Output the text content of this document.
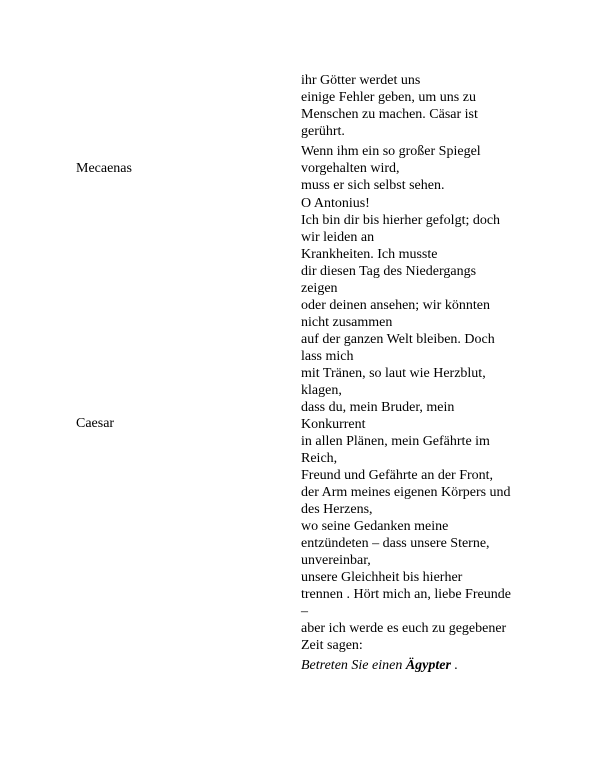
ihr Götter werdet uns
einige Fehler geben, um uns zu
Menschen zu machen. Cäsar ist
gerührt.
Mecaenas
Wenn ihm ein so großer Spiegel
vorgehalten wird,
muss er sich selbst sehen.
Caesar
O Antonius!
Ich bin dir bis hierher gefolgt; doch
wir leiden an
Krankheiten. Ich musste
dir diesen Tag des Niedergangs
zeigen
oder deinen ansehen; wir könnten
nicht zusammen
auf der ganzen Welt bleiben. Doch
lass mich
mit Tränen, so laut wie Herzblut,
klagen,
dass du, mein Bruder, mein
Konkurrent
in allen Plänen, mein Gefährte im
Reich,
Freund und Gefährte an der Front,
der Arm meines eigenen Körpers und
des Herzens,
wo seine Gedanken meine
entzündeten – dass unsere Sterne,
unvereinbar,
unsere Gleichheit bis hierher
trennen . Hört mich an, liebe Freunde
–
aber ich werde es euch zu gegebener
Zeit sagen:
Betreten Sie einen Ägypter .
